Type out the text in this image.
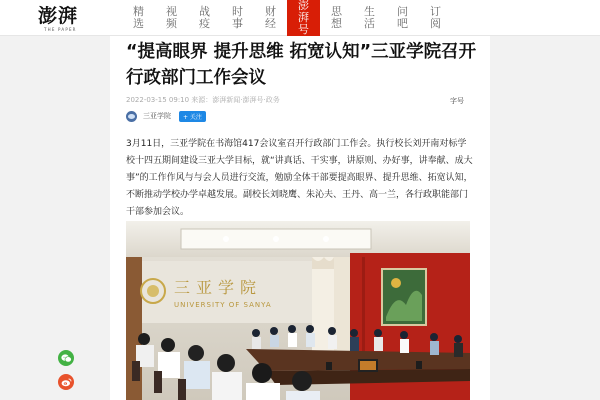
澎湃
THE PAPER
精选
视频
战疫
时事
财经
澎湃号
思想
生活
问吧
订阅
“提高眼界 提升思维 拓宽认知”三亚学院召开行政部门工作会议
2022-03-15 09:10 来源：澎湃新闻·澎湃号·政务	字号
三亚学院	+ 关注

3月11日，三亚学院在书海馆417会议室召开行政部门工作会。执行校长刘开南对标学校十四五期间建设三亚大学目标，就“讲真话、干实事，讲原则、办好事，讲奉献、成大事”的工作作风与与会人员进行交流，勉励全体干部要提高眼界、提升思维、拓宽认知，不断推动学校办学卓越发展。副校长刘晓鹰、朱沁夫、王丹、高一兰，各行政职能部门干部参加会议。

三亚学院
UNIVERSITY OF SANYA
